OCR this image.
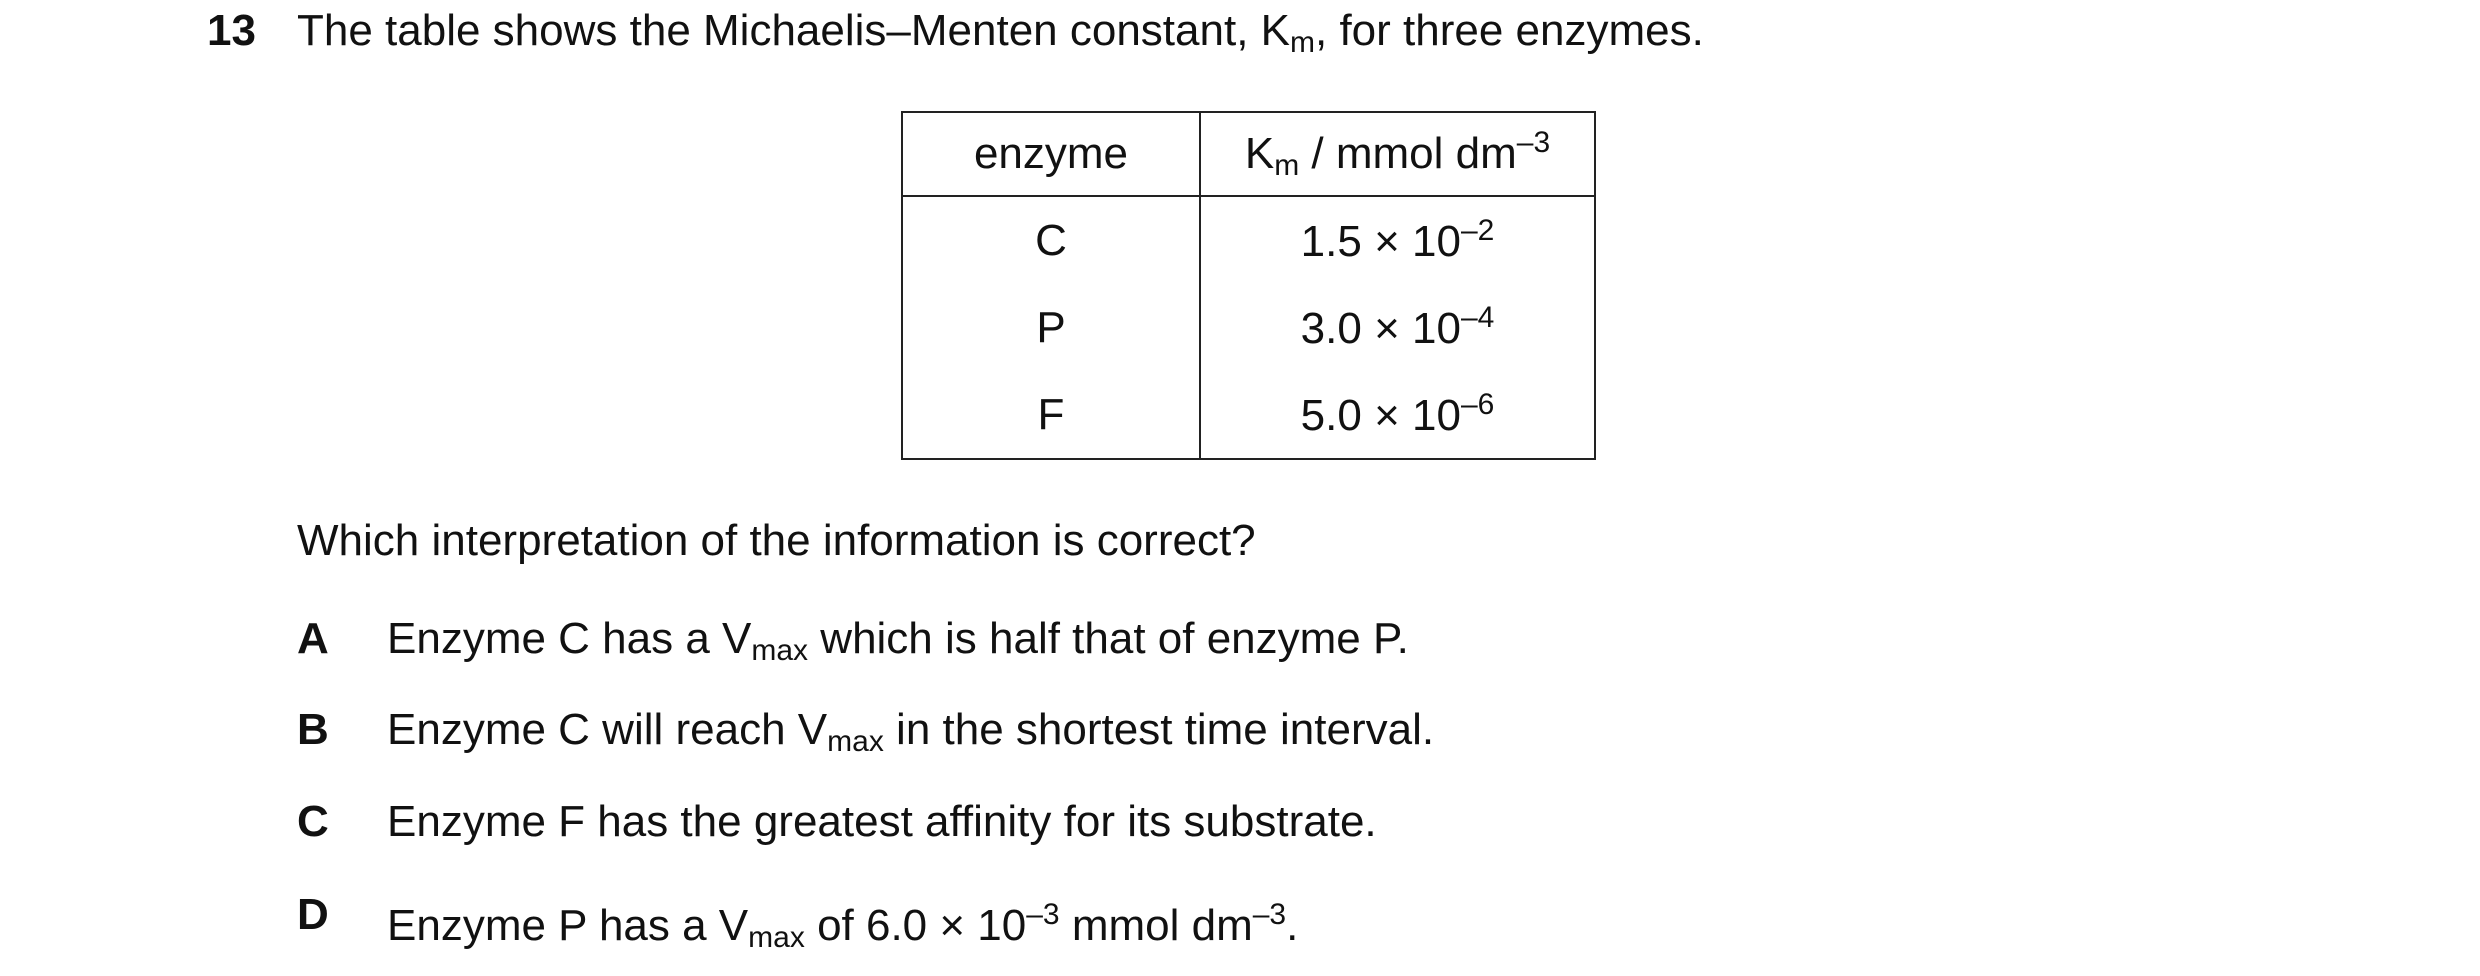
13 The table shows the Michaelis–Menten constant, $K_m$, for three enzymes.
enzyme	$K_m$ / mmol $dm^{-3}$
C	$1.5 \times 10^{-2}$
P	$3.0 \times 10^{-4}$
F	$5.0 \times 10^{-6}$
Which interpretation of the information is correct?
A Enzyme C has a $V_{max}$ which is half that of enzyme P.
B Enzyme C will reach $V_{max}$ in the shortest time interval.
C Enzyme F has the greatest affinity for its substrate.
D Enzyme P has a $V_{max}$ of $6.0 \times 10^{-3}$ mmol $dm^{-3}$.
